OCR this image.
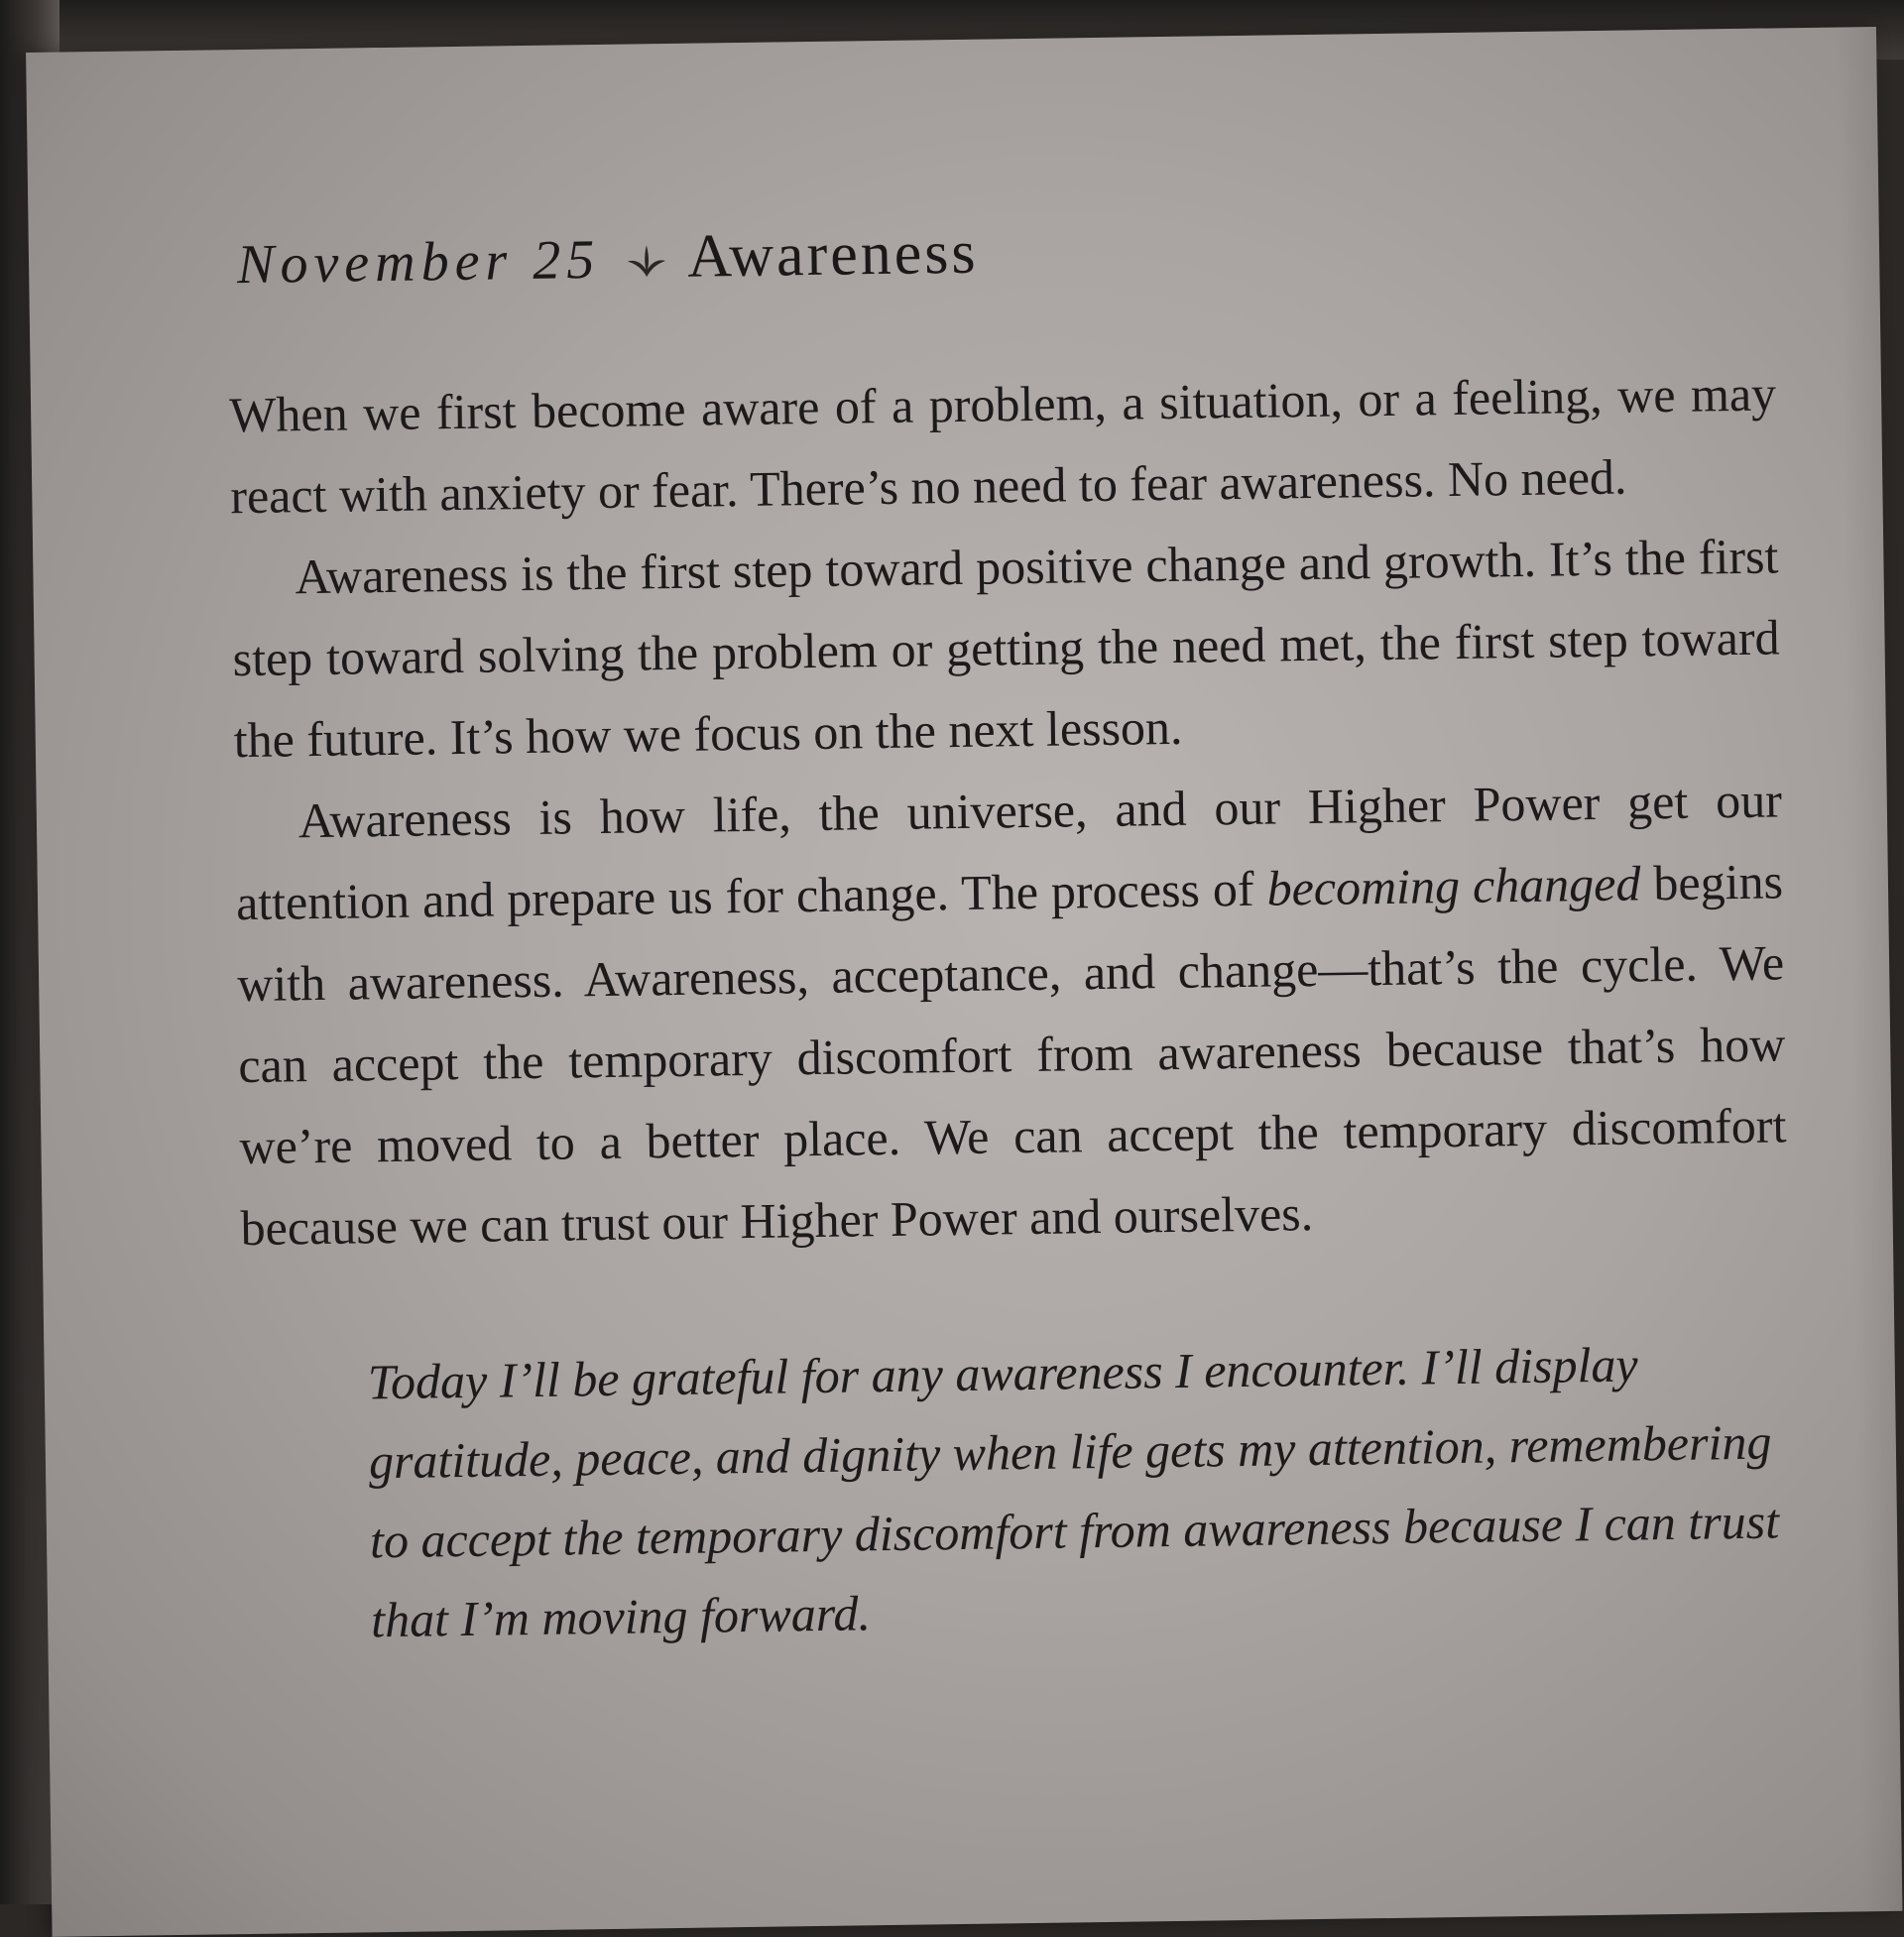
November 25 Awareness

When we first become aware of a problem, a situation, or a feeling, we may react with anxiety or fear. There’s no need to fear awareness. No need.

Awareness is the first step toward positive change and growth. It’s the first step toward solving the problem or getting the need met, the first step toward the future. It’s how we focus on the next lesson.

Awareness is how life, the universe, and our Higher Power get our attention and prepare us for change. The process of becoming changed begins with awareness. Awareness, acceptance, and change—that’s the cycle. We can accept the temporary discomfort from awareness because that’s how we’re moved to a better place. We can accept the temporary discomfort because we can trust our Higher Power and ourselves.

Today I’ll be grateful for any awareness I encounter. I’ll display gratitude, peace, and dignity when life gets my attention, remembering to accept the temporary discomfort from awareness because I can trust that I’m moving forward.
